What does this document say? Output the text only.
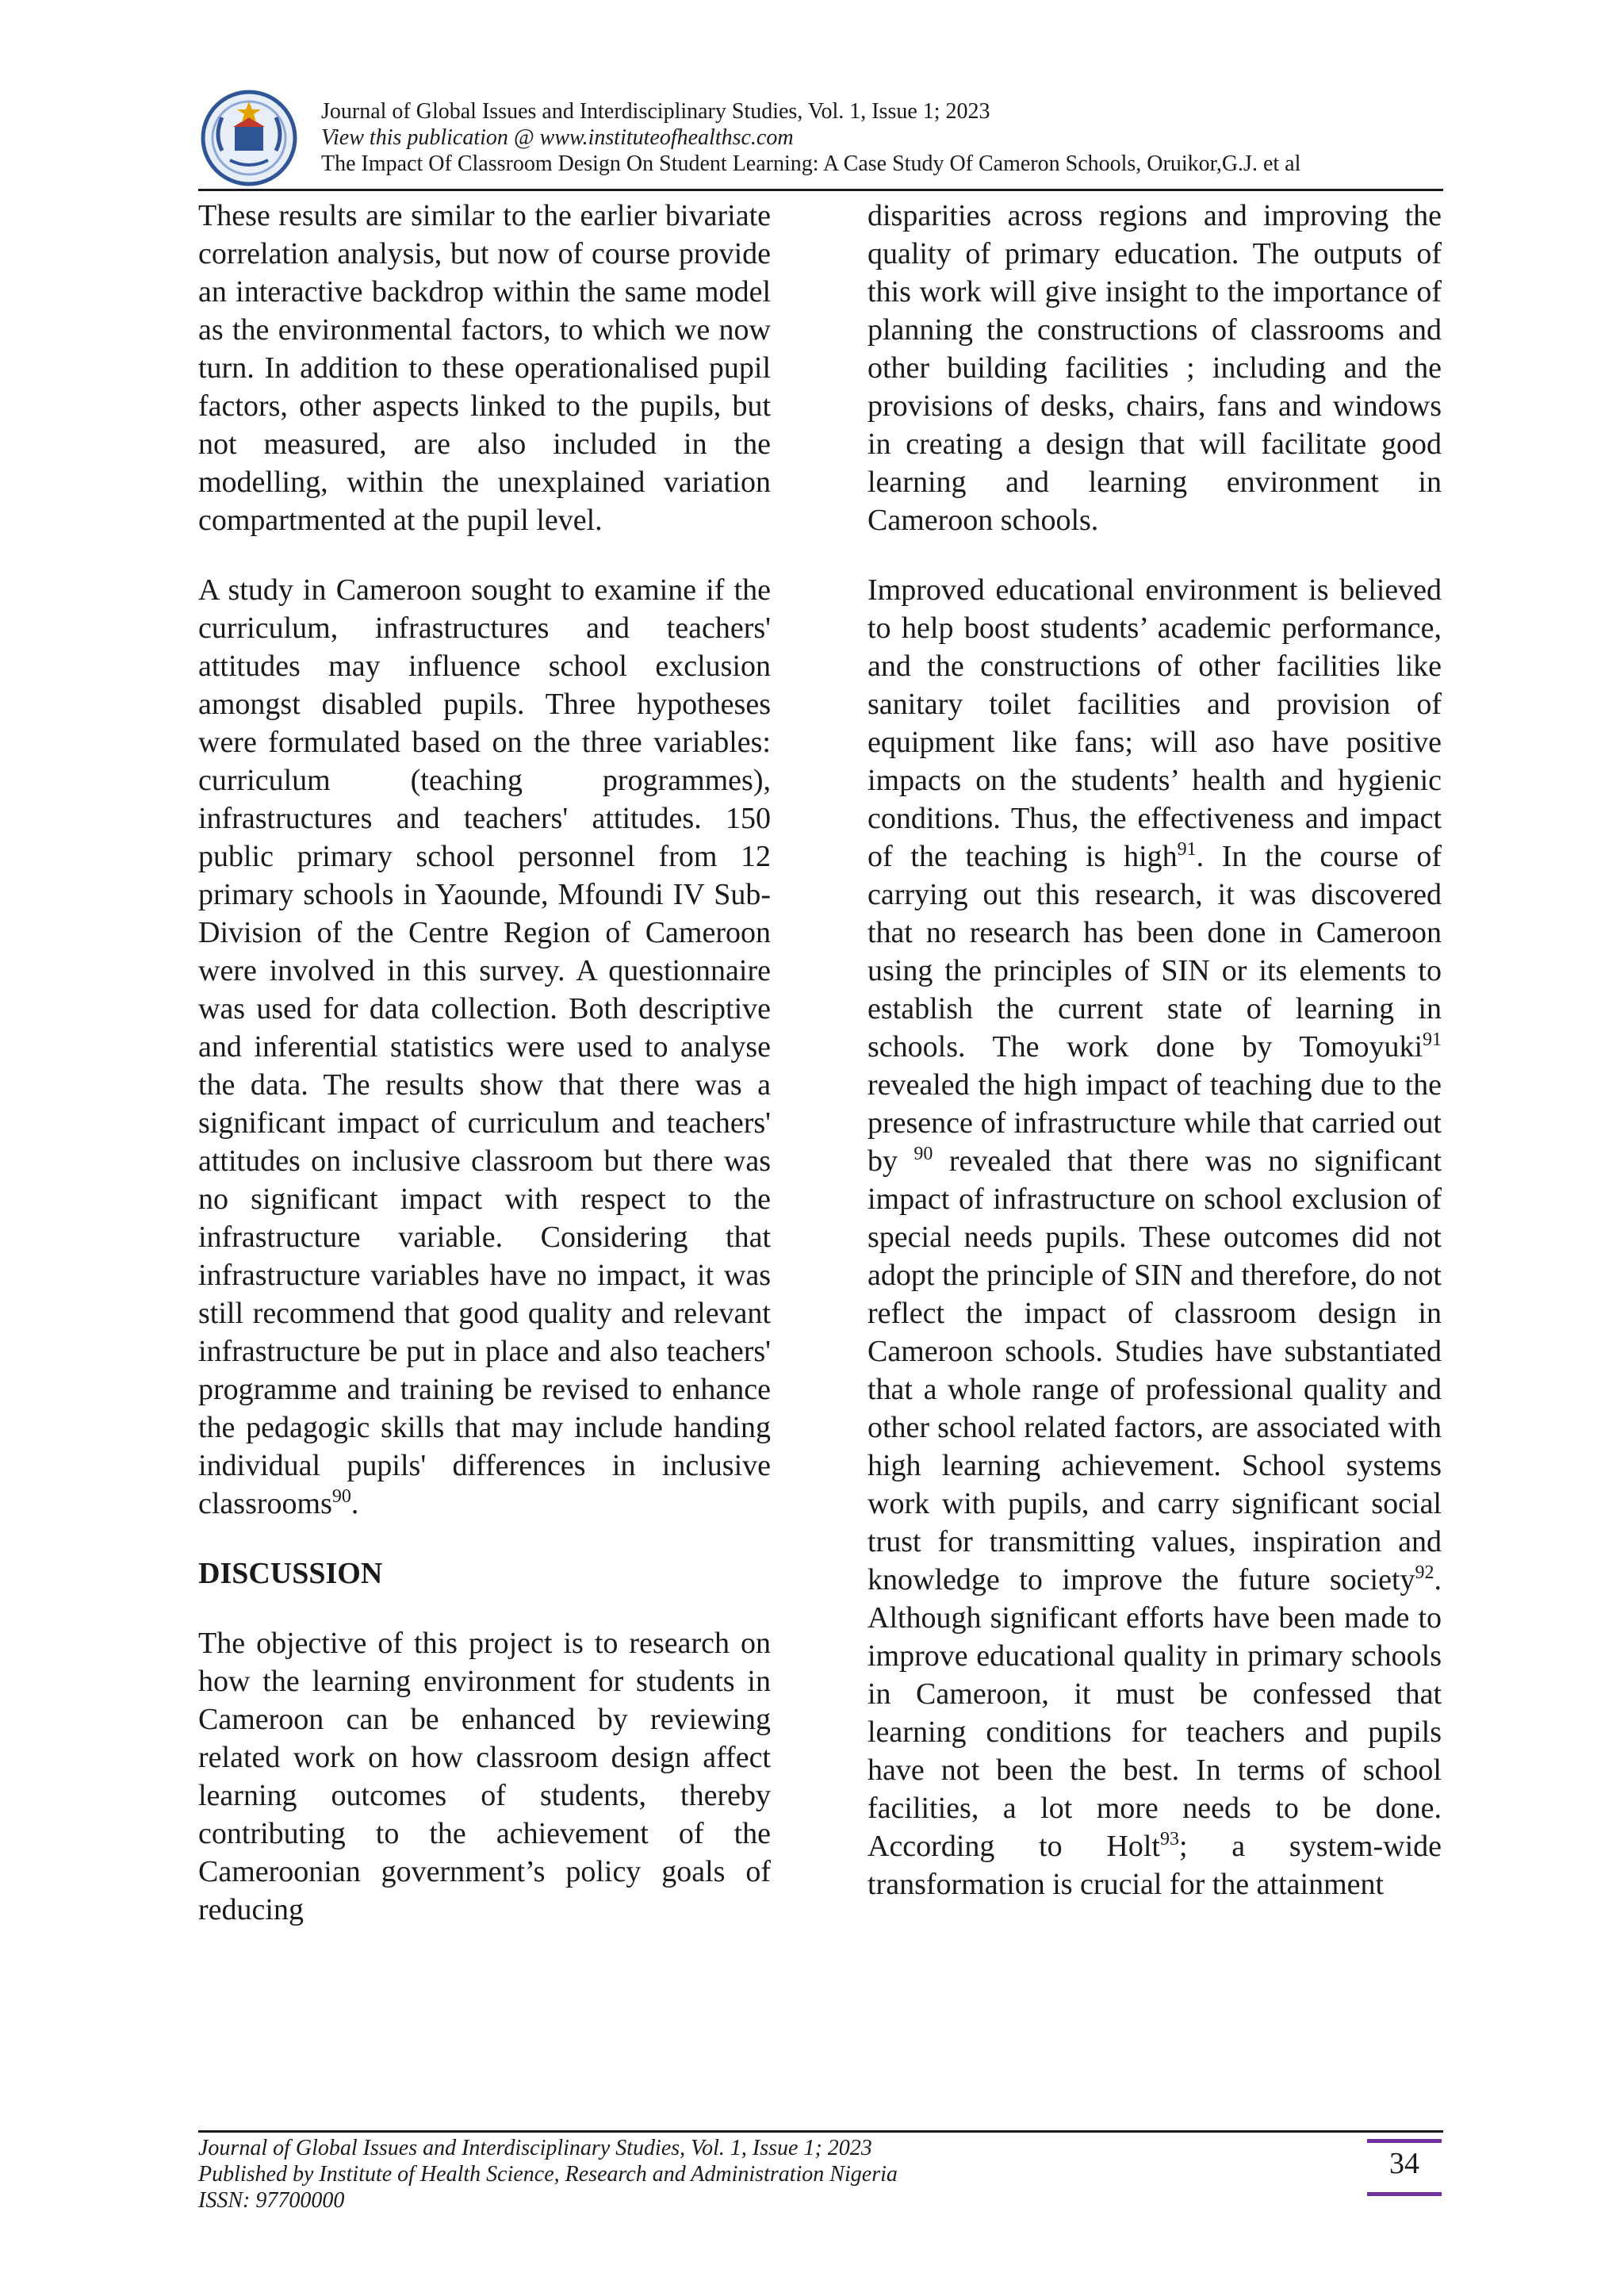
Journal of Global Issues and Interdisciplinary Studies, Vol. 1, Issue 1; 2023
View this publication @ www.instituteofhealthsc.com
The Impact Of Classroom Design On Student Learning: A Case Study Of Cameron Schools, Oruikor,G.J. et al

These results are similar to the earlier bivariate correlation analysis, but now of course provide an interactive backdrop within the same model as the environmental factors, to which we now turn. In addition to these operationalised pupil factors, other aspects linked to the pupils, but not measured, are also included in the modelling, within the unexplained variation compartmented at the pupil level.

A study in Cameroon sought to examine if the curriculum, infrastructures and teachers' attitudes may influence school exclusion amongst disabled pupils. Three hypotheses were formulated based on the three variables: curriculum (teaching programmes), infrastructures and teachers' attitudes. 150 public primary school personnel from 12 primary schools in Yaounde, Mfoundi IV Sub-Division of the Centre Region of Cameroon were involved in this survey. A questionnaire was used for data collection. Both descriptive and inferential statistics were used to analyse the data. The results show that there was a significant impact of curriculum and teachers' attitudes on inclusive classroom but there was no significant impact with respect to the infrastructure variable. Considering that infrastructure variables have no impact, it was still recommend that good quality and relevant infrastructure be put in place and also teachers' programme and training be revised to enhance the pedagogic skills that may include handing individual pupils' differences in inclusive classrooms$^{90}$.

DISCUSSION

The objective of this project is to research on how the learning environment for students in Cameroon can be enhanced by reviewing related work on how classroom design affect learning outcomes of students, thereby contributing to the achievement of the Cameroonian government’s policy goals of reducing

disparities across regions and improving the quality of primary education. The outputs of this work will give insight to the importance of planning the constructions of classrooms and other building facilities ; including and the provisions of desks, chairs, fans and windows in creating a design that will facilitate good learning and learning environment in Cameroon schools.

Improved educational environment is believed to help boost students’ academic performance, and the constructions of other facilities like sanitary toilet facilities and provision of equipment like fans; will aso have positive impacts on the students’ health and hygienic conditions. Thus, the effectiveness and impact of the teaching is high$^{91}$. In the course of carrying out this research, it was discovered that no research has been done in Cameroon using the principles of SIN or its elements to establish the current state of learning in schools. The work done by Tomoyuki$^{91}$ revealed the high impact of teaching due to the presence of infrastructure while that carried out by $^{90}$ revealed that there was no significant impact of infrastructure on school exclusion of special needs pupils. These outcomes did not adopt the principle of SIN and therefore, do not reflect the impact of classroom design in Cameroon schools. Studies have substantiated that a whole range of professional quality and other school related factors, are associated with high learning achievement. School systems work with pupils, and carry significant social trust for transmitting values, inspiration and knowledge to improve the future society$^{92}$. Although significant efforts have been made to improve educational quality in primary schools in Cameroon, it must be confessed that learning conditions for teachers and pupils have not been the best. In terms of school facilities, a lot more needs to be done. According to Holt$^{93}$; a system-wide transformation is crucial for the attainment

Journal of Global Issues and Interdisciplinary Studies, Vol. 1, Issue 1; 2023
Published by Institute of Health Science, Research and Administration Nigeria
ISSN: 97700000
34
